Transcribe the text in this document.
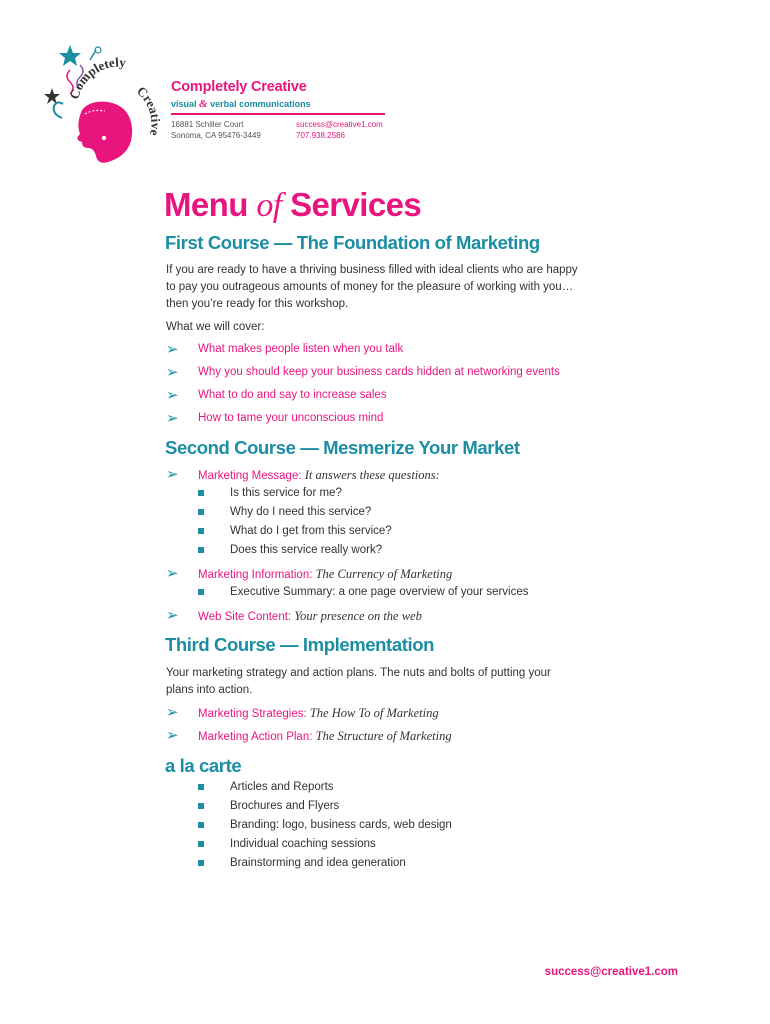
Completely
Creative
Completely Creative
visual & verbal communications
16881 Schiller Court
Sonoma, CA 95476-3449
success@creative1.com
707.938.2586
Menu of Services
First Course — The Foundation of Marketing
If you are ready to have a thriving business filled with ideal clients who are happy
to pay you outrageous amounts of money for the pleasure of working with you…
then you’re ready for this workshop.
What we will cover:
➢ What makes people listen when you talk
➢ Why you should keep your business cards hidden at networking events
➢ What to do and say to increase sales
➢ How to tame your unconscious mind
Second Course — Mesmerize Your Market
➢ Marketing Message: It answers these questions:
Is this service for me?
Why do I need this service?
What do I get from this service?
Does this service really work?
➢ Marketing Information: The Currency of Marketing
Executive Summary: a one page overview of your services
➢ Web Site Content: Your presence on the web
Third Course — Implementation
Your marketing strategy and action plans. The nuts and bolts of putting your
plans into action.
➢ Marketing Strategies: The How To of Marketing
➢ Marketing Action Plan: The Structure of Marketing
a la carte
Articles and Reports
Brochures and Flyers
Branding: logo, business cards, web design
Individual coaching sessions
Brainstorming and idea generation
success@creative1.com
